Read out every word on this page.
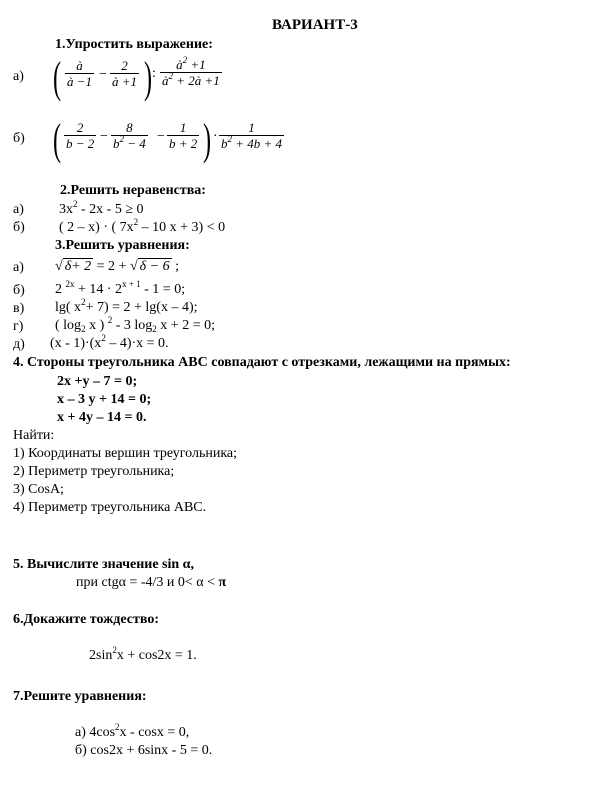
ВАРИАНТ-3
1.Упростить выражение:
а) ( à
à −1 −
2
à +1 ) :
$à^2 +1$
$à^2$ + 2à +1
б) ( 2
b − 2 −
8
$b^2 - 4$ −
1
b + 2 ) ·
1
$b^2 + 4b + 4$
2.Решить неравенства:
а)	$3x^2 - 2x - 5 \ge 0$
б) ( 2 – x) · ( $7x^2 - 10$ x + 3) < 0
3.Решить уравнения:
а) √ δ+ 2 = 2 + √ δ − 6 ;
б) 2 $^{2x} + 14 \cdot 2^{x + 1} - 1 = 0$;
в) lg( $x^2+ 7) = 2 + \lg(x - 4)$;
г) ( $\log_2 x$ ) $^2$ - 3 $\log_2 x + 2 = 0$;
д) $(x - 1)\cdot(x^2 - 4)\cdot x = 0$.
4. Стороны треугольника АВС совпадают с отрезками, лежащими на прямых:
2x +y – 7 = 0;
x – 3 y + 14 = 0;
x + 4y – 14 = 0.
Найти:
1) Координаты вершин треугольника;
2) Периметр треугольника;
3) CosA;
4) Периметр треугольника АВС.
5. Вычислите значение sin α,
при ctgα = -4/3 и 0< α < π
6.Докажите тождество:
$2\sin^2x + \cos 2x = 1$.
7.Решите уравнения:
а) $4\cos^2x - \cos x = 0$,
б) cos2x + 6sinx - 5 = 0.
